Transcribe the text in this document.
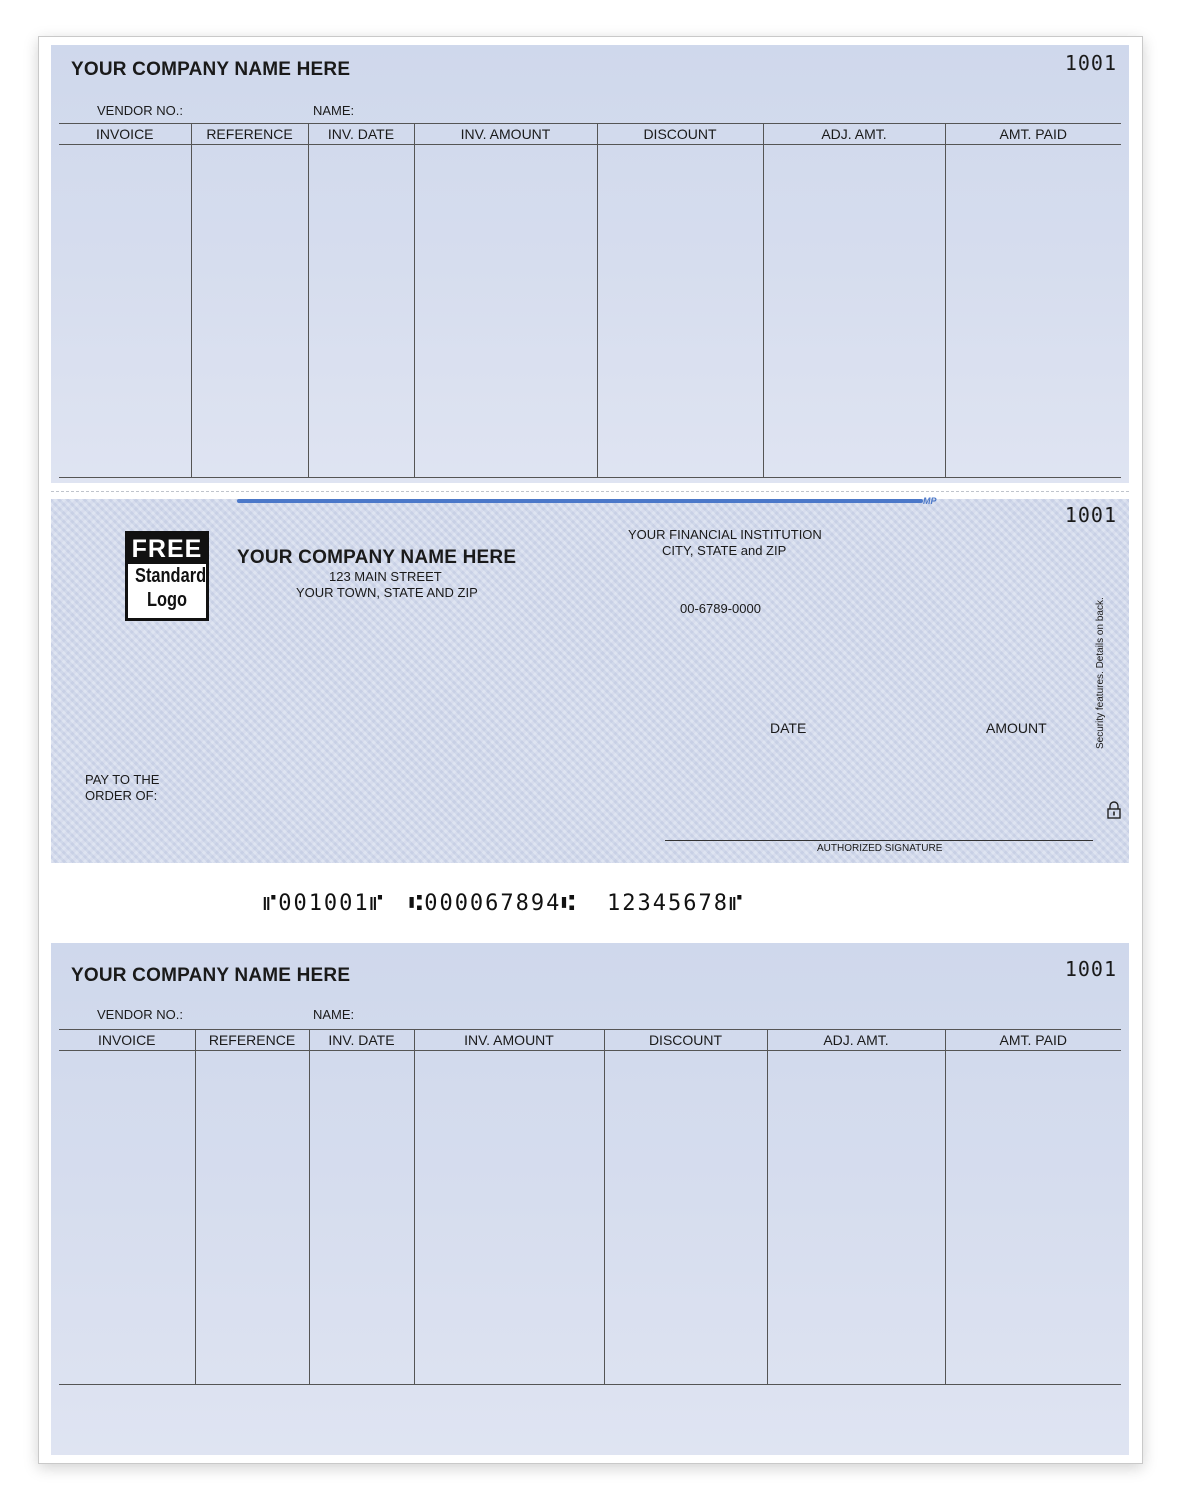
YOUR COMPANY NAME HERE	1001
VENDOR NO.:	NAME:
INVOICE	REFERENCE	INV. DATE	INV. AMOUNT	DISCOUNT	ADJ. AMT.	AMT. PAID

MP
1001
FREE
Standard
Logo
YOUR COMPANY NAME HERE
123 MAIN STREET
YOUR TOWN, STATE AND ZIP
YOUR FINANCIAL INSTITUTION
CITY, STATE and ZIP
00-6789-0000
DATE	AMOUNT
PAY TO THE
ORDER OF:
AUTHORIZED SIGNATURE
Security features. Details on back.
⑈001001⑈ ⑆000067894⑆ 12345678⑈
YOUR COMPANY NAME HERE	1001
VENDOR NO.:	NAME:
INVOICE	REFERENCE	INV. DATE	INV. AMOUNT	DISCOUNT	ADJ. AMT.	AMT. PAID
